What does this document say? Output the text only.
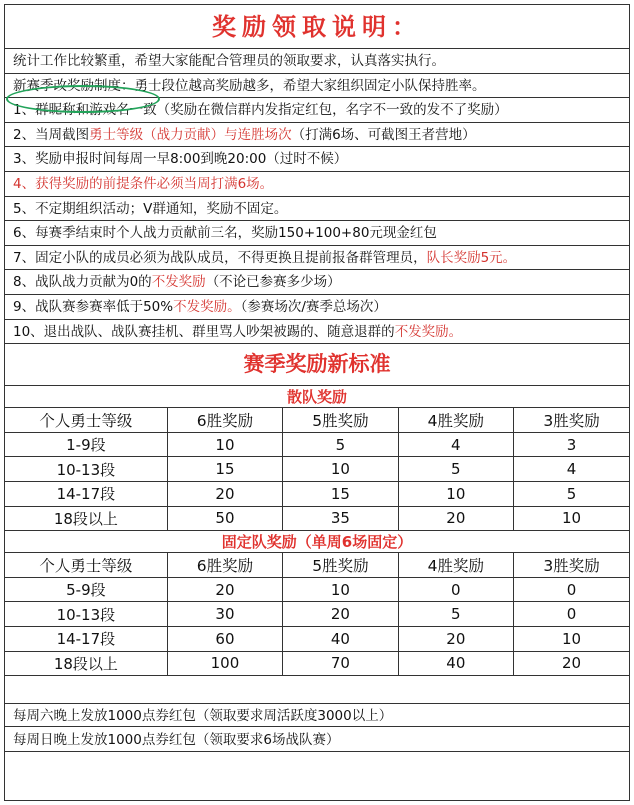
奖励领取说明：
统计工作比较繁重，希望大家能配合管理员的领取要求，认真落实执行。
新赛季改奖励制度：勇士段位越高奖励越多，希望大家组织固定小队保持胜率。
1、群昵称和游戏名一致（奖励在微信群内发指定红包，名字不一致的发不了奖励）
2、当周截图勇士等级（战力贡献）与连胜场次（打满6场、可截图王者营地）
3、奖励申报时间每周一早8:00到晚20:00（过时不候）
4、获得奖励的前提条件必须当周打满6场。
5、不定期组织活动；V群通知，奖励不固定。
6、每赛季结束时个人战力贡献前三名，奖励150+100+80元现金红包
7、固定小队的成员必须为战队成员，不得更换且提前报备群管理员，队长奖励5元。
8、战队战力贡献为0的不发奖励（不论已参赛多少场）
9、战队赛参赛率低于50%不发奖励。（参赛场次/赛季总场次）
10、退出战队、战队赛挂机、群里骂人吵架被踢的、随意退群的不发奖励。
赛季奖励新标准
散队奖励
个人勇士等级	6胜奖励	5胜奖励	4胜奖励	3胜奖励
1-9段	10	5	4	3
10-13段	15	10	5	4
14-17段	20	15	10	5
18段以上	50	35	20	10
固定队奖励（单周6场固定）
个人勇士等级	6胜奖励	5胜奖励	4胜奖励	3胜奖励
5-9段	20	10	0	0
10-13段	30	20	5	0
14-17段	60	40	20	10
18段以上	100	70	40	20
每周六晚上发放1000点券红包（领取要求周活跃度3000以上）
每周日晚上发放1000点券红包（领取要求6场战队赛）
